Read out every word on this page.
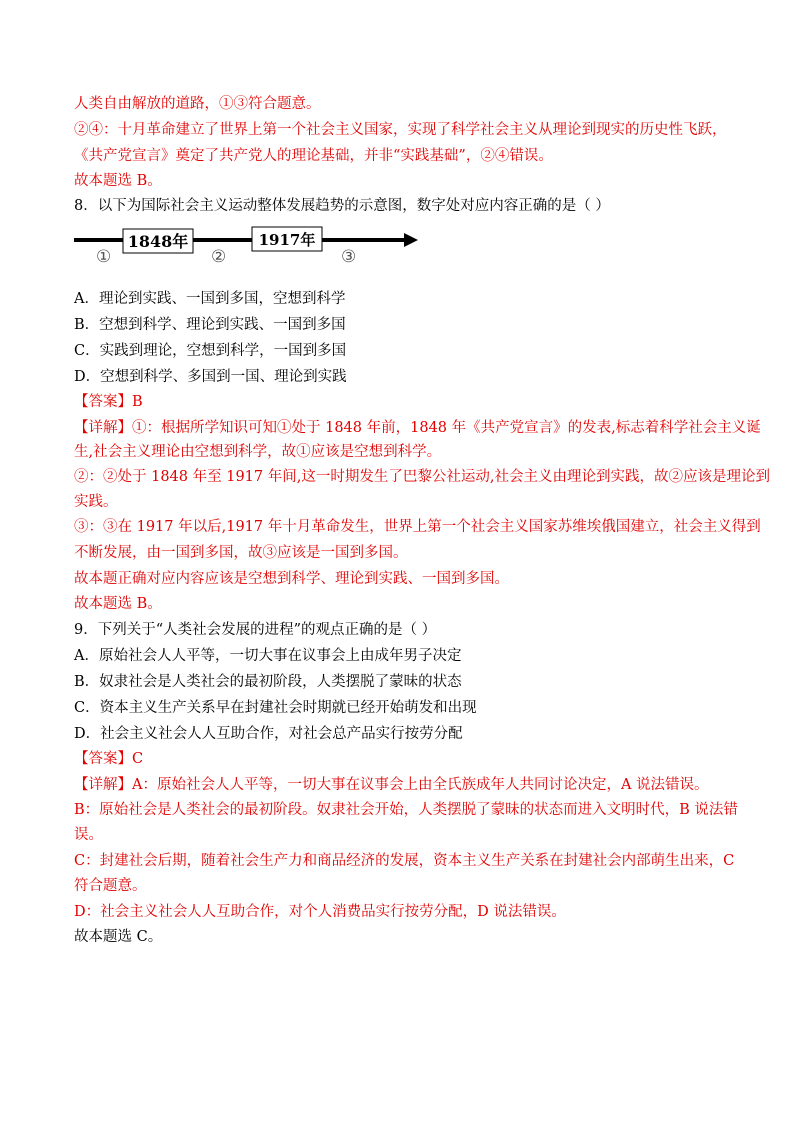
人类自由解放的道路，①③符合题意。
②④：十月革命建立了世界上第一个社会主义国家，实现了科学社会主义从理论到现实的历史性飞跃，
《共产党宣言》奠定了共产党人的理论基础，并非“实践基础”，②④错误。
故本题选 B。
8．以下为国际社会主义运动整体发展趋势的示意图，数字处对应内容正确的是（ ）
1848年	1917年
①	②	③
A．理论到实践、一国到多国，空想到科学
B．空想到科学、理论到实践、一国到多国
C．实践到理论，空想到科学，一国到多国
D．空想到科学、多国到一国、理论到实践
【答案】B
【详解】①：根据所学知识可知①处于 1848 年前，1848 年《共产党宣言》的发表,标志着科学社会主义诞
生,社会主义理论由空想到科学，故①应该是空想到科学。
②：②处于 1848 年至 1917 年间,这一时期发生了巴黎公社运动,社会主义由理论到实践，故②应该是理论到
实践。
③：③在 1917 年以后,1917 年十月革命发生，世界上第一个社会主义国家苏维埃俄国建立，社会主义得到
不断发展，由一国到多国，故③应该是一国到多国。
故本题正确对应内容应该是空想到科学、理论到实践、一国到多国。
故本题选 B。
9．下列关于“人类社会发展的进程”的观点正确的是（ ）
A．原始社会人人平等，一切大事在议事会上由成年男子决定
B．奴隶社会是人类社会的最初阶段，人类摆脱了蒙昧的状态
C．资本主义生产关系早在封建社会时期就已经开始萌发和出现
D．社会主义社会人人互助合作，对社会总产品实行按劳分配
【答案】C
【详解】A：原始社会人人平等，一切大事在议事会上由全氏族成年人共同讨论决定，A 说法错误。
B：原始社会是人类社会的最初阶段。奴隶社会开始，人类摆脱了蒙昧的状态而进入文明时代，B 说法错
误。
C：封建社会后期，随着社会生产力和商品经济的发展，资本主义生产关系在封建社会内部萌生出来，C
符合题意。
D：社会主义社会人人互助合作，对个人消费品实行按劳分配，D 说法错误。
故本题选 C。
